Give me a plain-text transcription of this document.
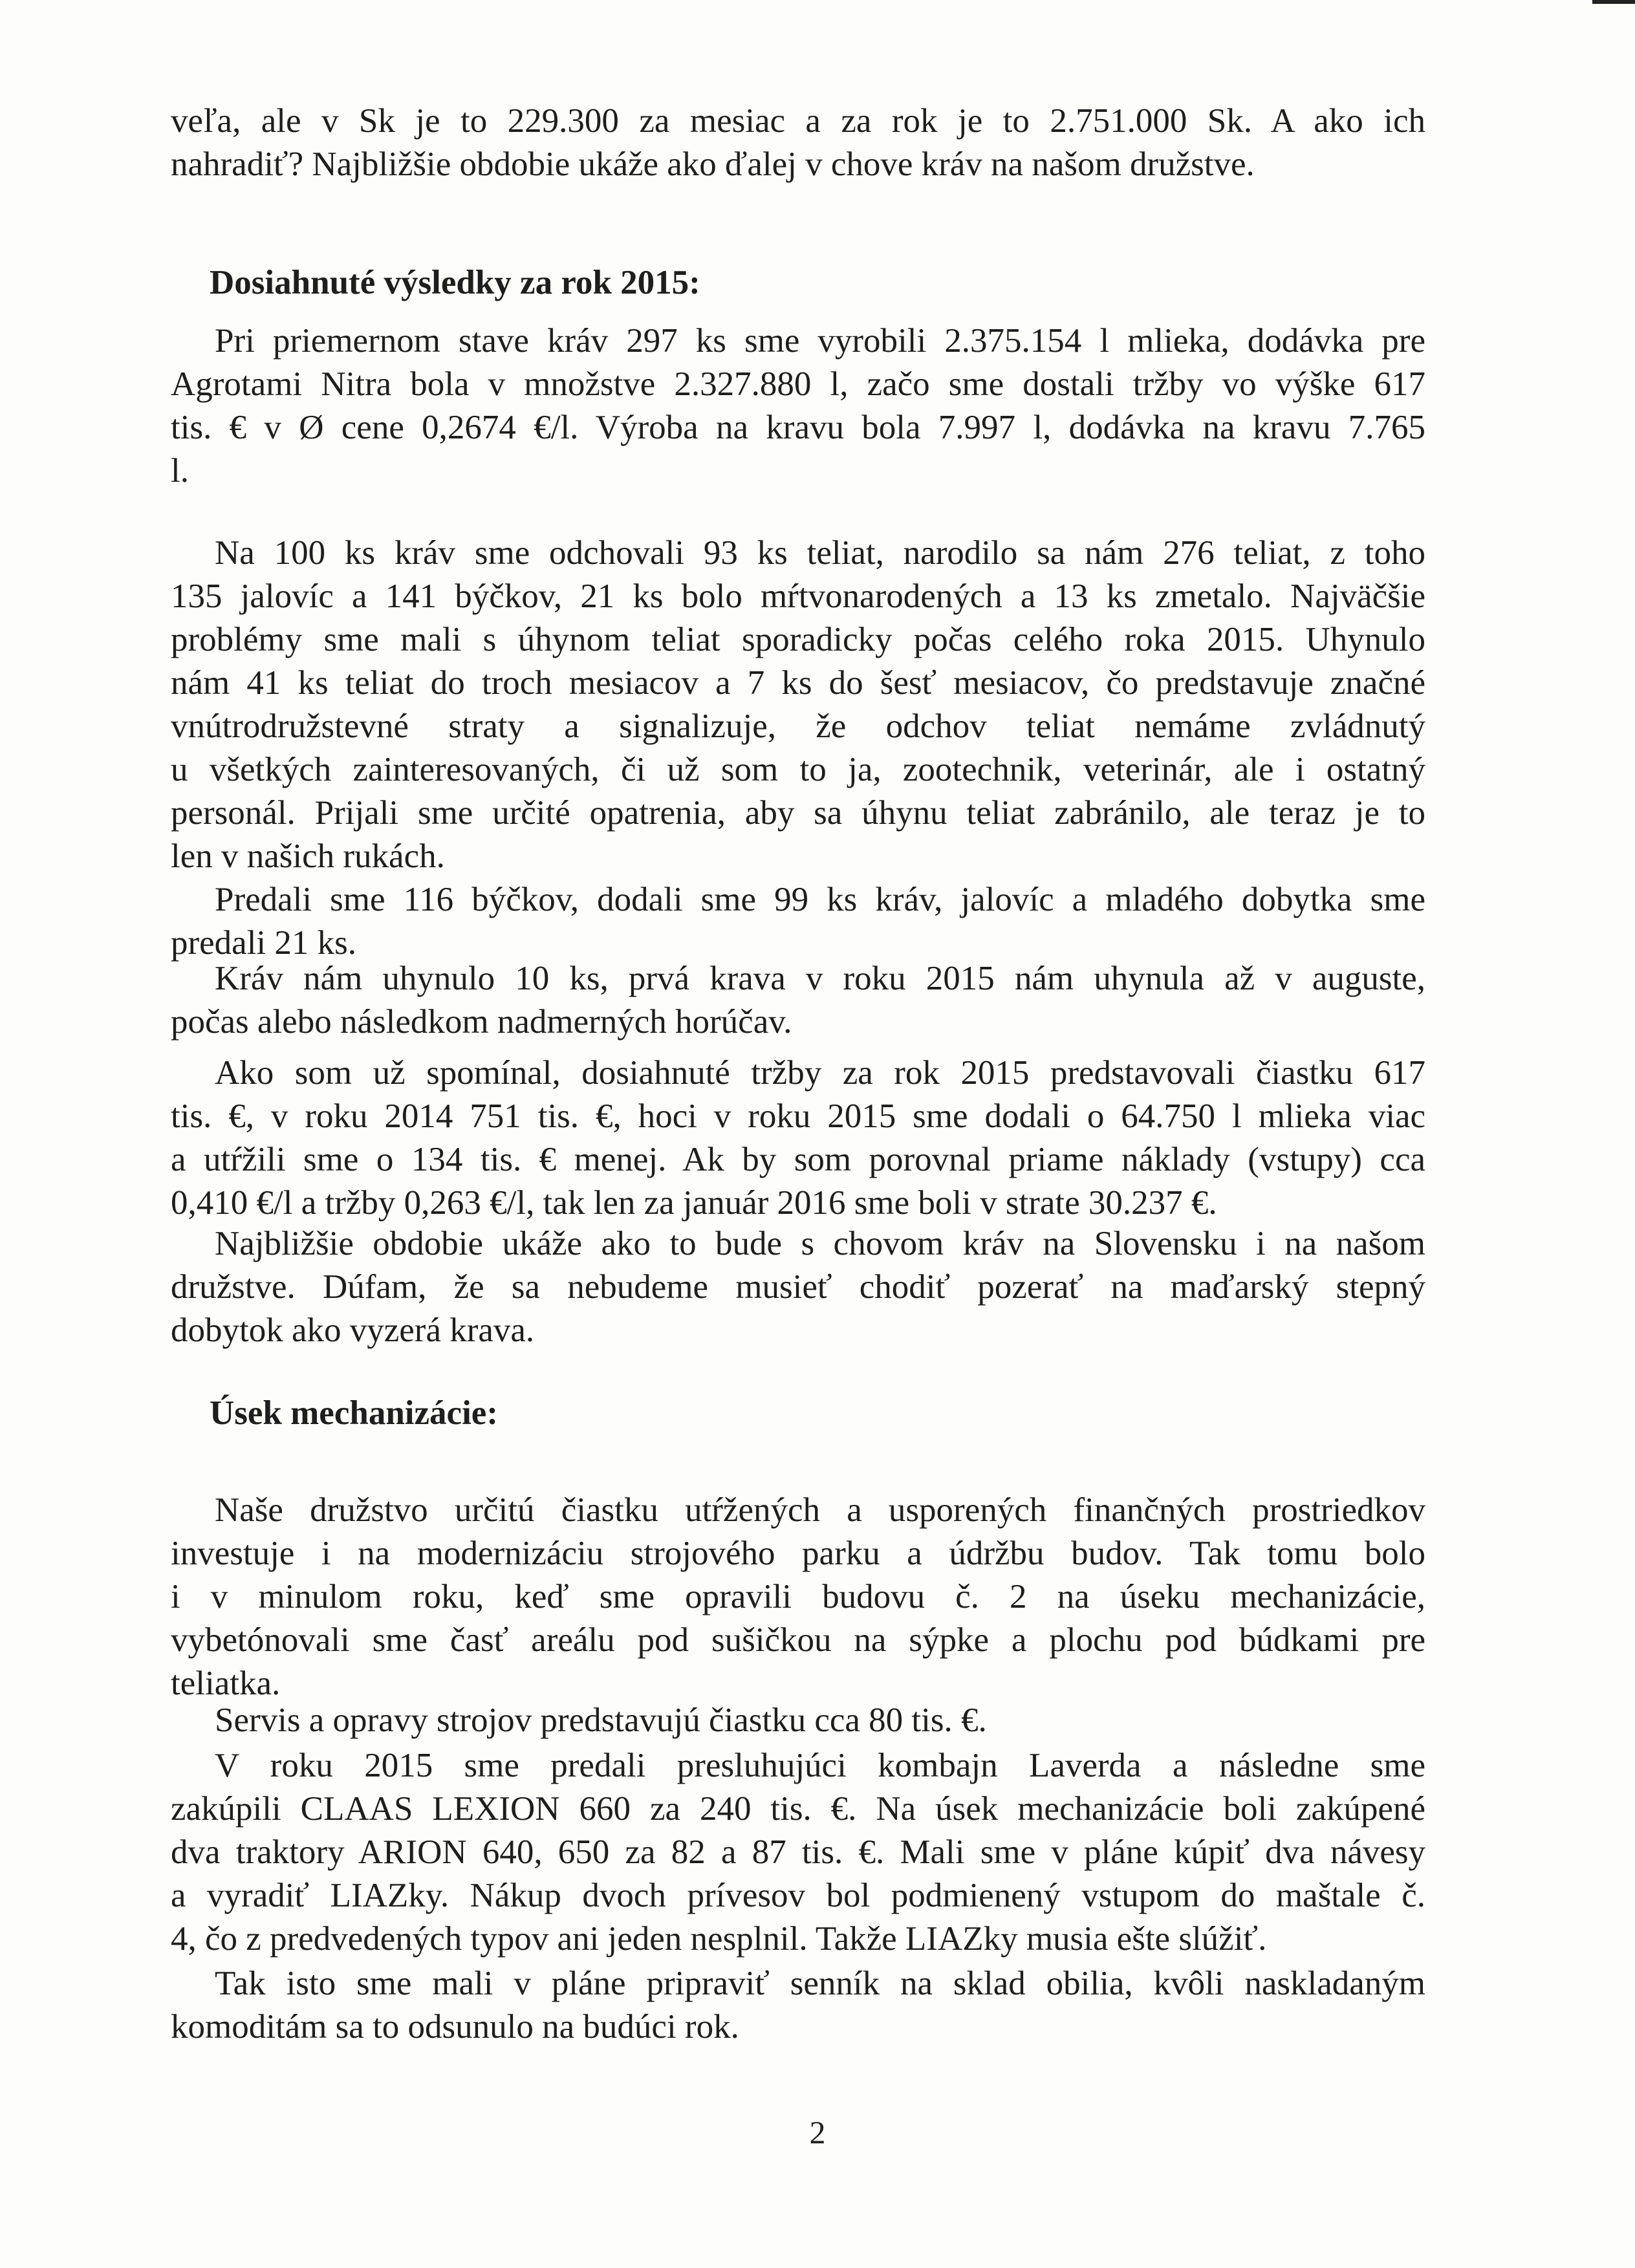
Dosiahnuté výsledky za rok 2015:
Úsek mechanizácie:
2
veľa, ale v Sk je to 229.300 za mesiac a za rok je to 2.751.000 Sk. A ako ich
nahradiť? Najbližšie obdobie ukáže ako ďalej v chove kráv na našom družstve.
Pri priemernom stave kráv 297 ks sme vyrobili 2.375.154 l mlieka, dodávka pre
Agrotami Nitra bola v množstve 2.327.880 l, začo sme dostali tržby vo výške 617
tis. € v Ø cene 0,2674 €/l. Výroba na kravu bola 7.997 l, dodávka na kravu 7.765
l.
Na 100 ks kráv sme odchovali 93 ks teliat, narodilo sa nám 276 teliat, z toho
135 jalovíc a 141 býčkov, 21 ks bolo mŕtvonarodených a 13 ks zmetalo. Najväčšie
problémy sme mali s úhynom teliat sporadicky počas celého roka 2015. Uhynulo
nám 41 ks teliat do troch mesiacov a 7 ks do šesť mesiacov, čo predstavuje značné
vnútrodružstevné straty a signalizuje, že odchov teliat nemáme zvládnutý
u všetkých zainteresovaných, či už som to ja, zootechnik, veterinár, ale i ostatný
personál. Prijali sme určité opatrenia, aby sa úhynu teliat zabránilo, ale teraz je to
len v našich rukách.
Predali sme 116 býčkov, dodali sme 99 ks kráv, jalovíc a mladého dobytka sme
predali 21 ks.
Kráv nám uhynulo 10 ks, prvá krava v roku 2015 nám uhynula až v auguste,
počas alebo následkom nadmerných horúčav.
Ako som už spomínal, dosiahnuté tržby za rok 2015 predstavovali čiastku 617
tis. €, v roku 2014 751 tis. €, hoci v roku 2015 sme dodali o 64.750 l mlieka viac
a utŕžili sme o 134 tis. € menej. Ak by som porovnal priame náklady (vstupy) cca
0,410 €/l a tržby 0,263 €/l, tak len za január 2016 sme boli v strate 30.237 €.
Najbližšie obdobie ukáže ako to bude s chovom kráv na Slovensku i na našom
družstve. Dúfam, že sa nebudeme musieť chodiť pozerať na maďarský stepný
dobytok ako vyzerá krava.
Naše družstvo určitú čiastku utŕžených a usporených finančných prostriedkov
investuje i na modernizáciu strojového parku a údržbu budov. Tak tomu bolo
i v minulom roku, keď sme opravili budovu č. 2 na úseku mechanizácie,
vybetónovali sme časť areálu pod sušičkou na sýpke a plochu pod búdkami pre
teliatka.
Servis a opravy strojov predstavujú čiastku cca 80 tis. €.
V roku 2015 sme predali presluhujúci kombajn Laverda a následne sme
zakúpili CLAAS LEXION 660 za 240 tis. €. Na úsek mechanizácie boli zakúpené
dva traktory ARION 640, 650 za 82 a 87 tis. €. Mali sme v pláne kúpiť dva návesy
a vyradiť LIAZky. Nákup dvoch prívesov bol podmienený vstupom do maštale č.
4, čo z predvedených typov ani jeden nesplnil. Takže LIAZky musia ešte slúžiť.
Tak isto sme mali v pláne pripraviť senník na sklad obilia, kvôli naskladaným
komoditám sa to odsunulo na budúci rok.
